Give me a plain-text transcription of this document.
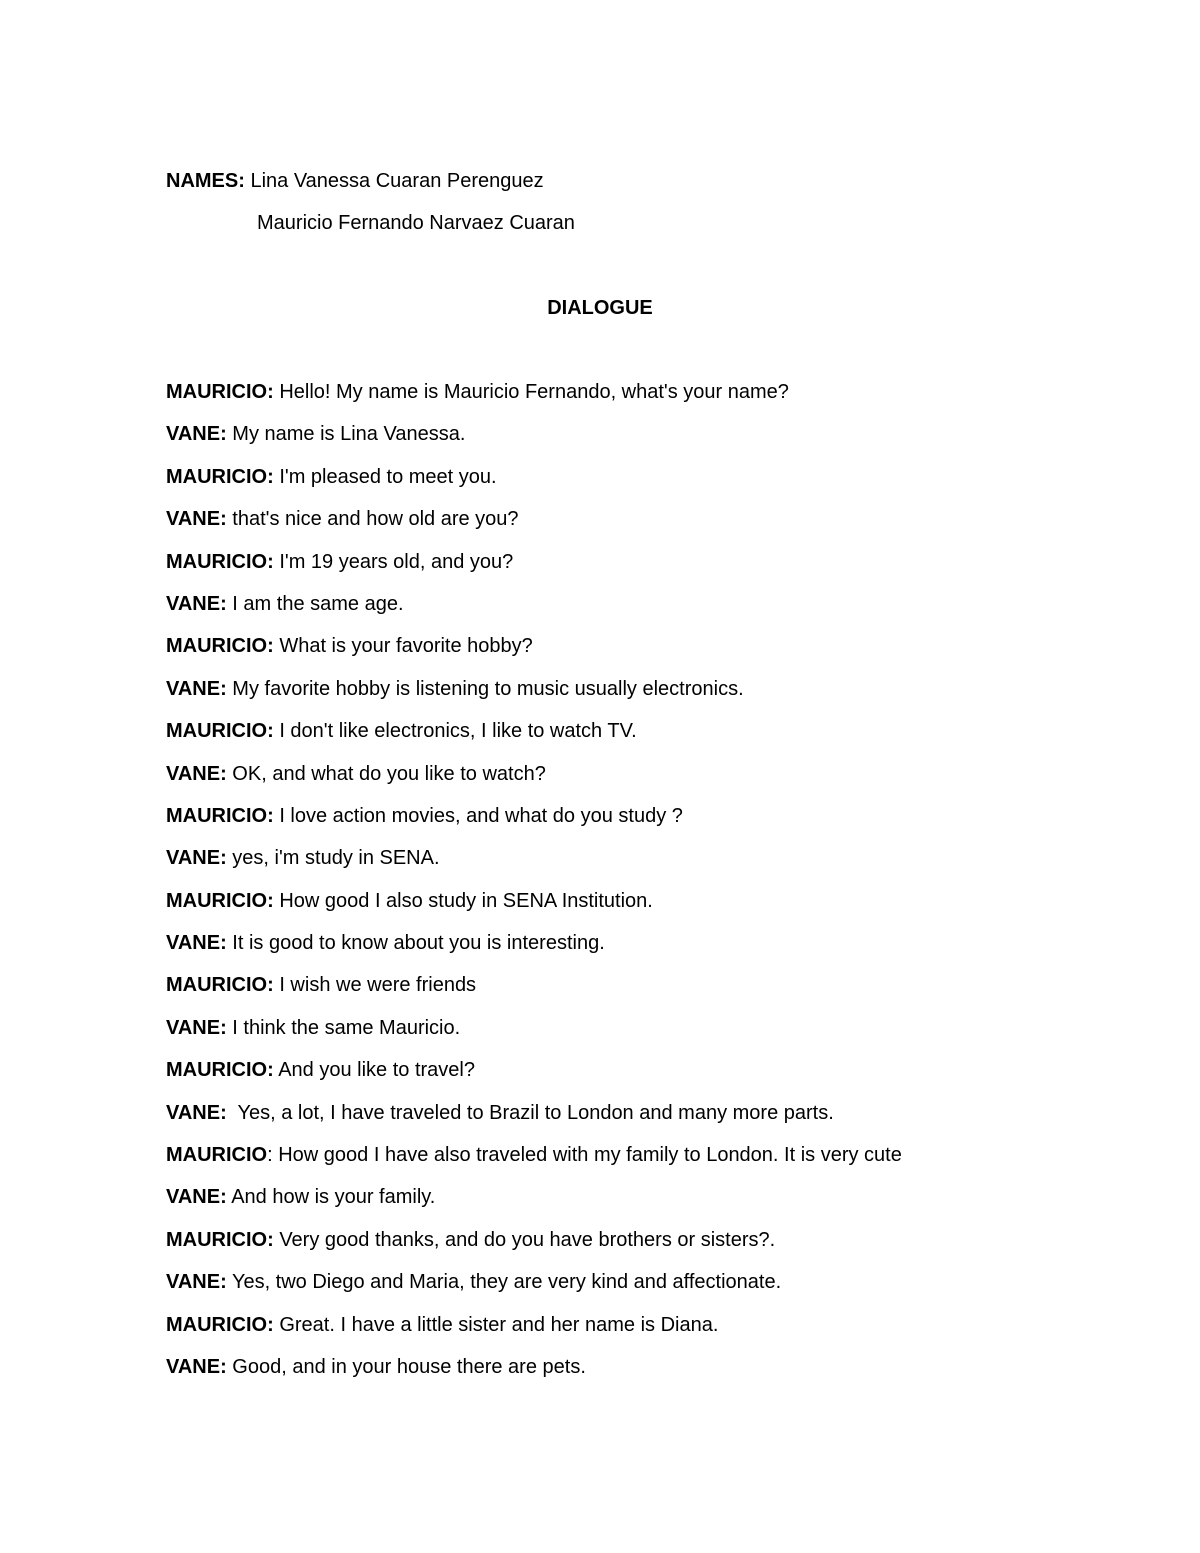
NAMES: Lina Vanessa Cuaran Perenguez
Mauricio Fernando Narvaez Cuaran
DIALOGUE
MAURICIO: Hello! My name is Mauricio Fernando, what's your name?
VANE: My name is Lina Vanessa.
MAURICIO: I'm pleased to meet you.
VANE: that's nice and how old are you?
MAURICIO: I'm 19 years old, and you?
VANE: I am the same age.
MAURICIO: What is your favorite hobby?
VANE: My favorite hobby is listening to music usually electronics.
MAURICIO: I don't like electronics, I like to watch TV.
VANE: OK, and what do you like to watch?
MAURICIO: I love action movies, and what do you study ?
VANE: yes, i'm study in SENA.
MAURICIO: How good I also study in SENA Institution.
VANE: It is good to know about you is interesting.
MAURICIO: I wish we were friends
VANE: I think the same Mauricio.
MAURICIO: And you like to travel?
VANE:  Yes, a lot, I have traveled to Brazil to London and many more parts.
MAURICIO: How good I have also traveled with my family to London. It is very cute
VANE: And how is your family.
MAURICIO: Very good thanks, and do you have brothers or sisters?.
VANE: Yes, two Diego and Maria, they are very kind and affectionate.
MAURICIO: Great. I have a little sister and her name is Diana.
VANE: Good, and in your house there are pets.
